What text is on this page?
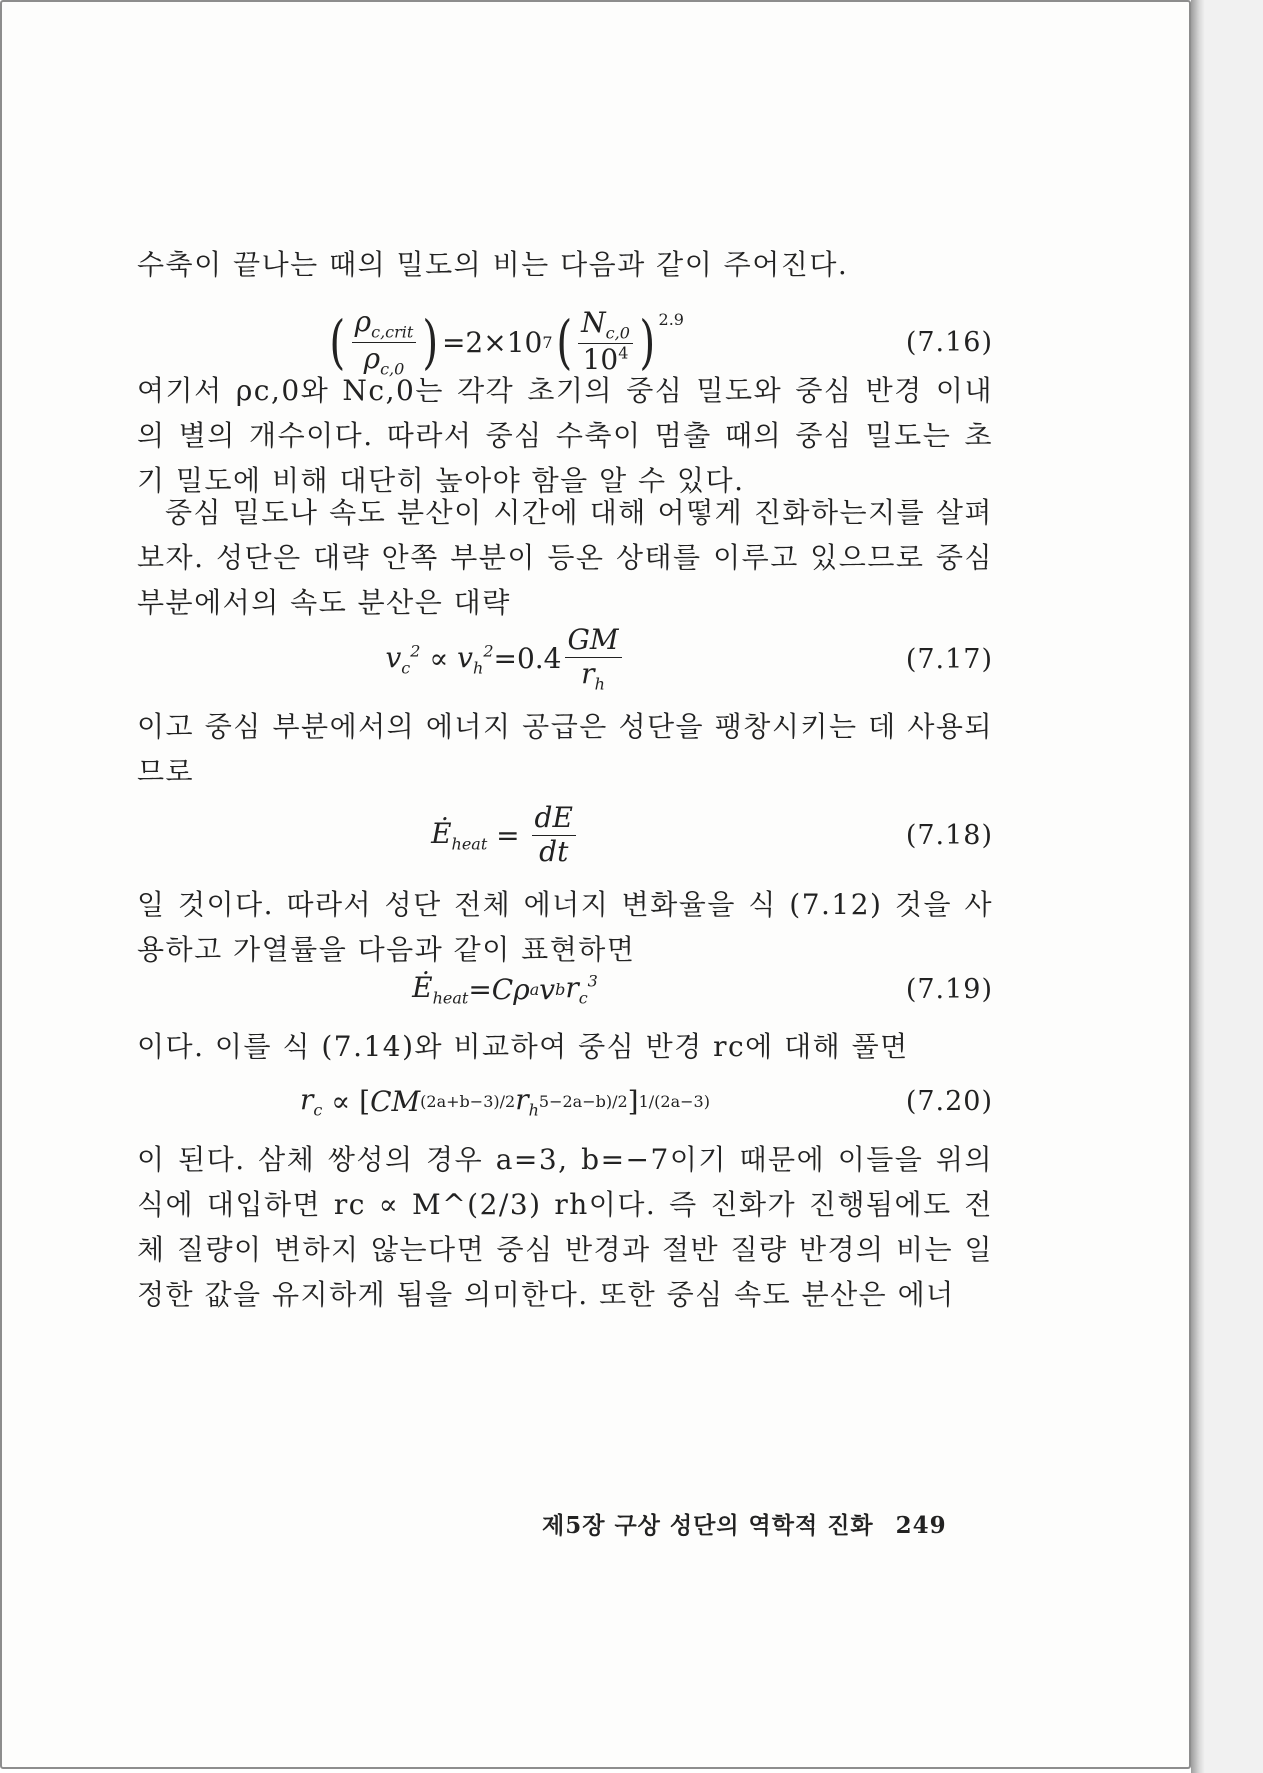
수축이 끝나는 때의 밀도의 비는 다음과 같이 주어진다.
( $\frac{\rho_{c,crit}}{\rho_{c,0}}$ ) =2×10 7 ( $\frac{N_{c,0}}{10^4} )^{2.9}$
(7.16)
여기서 ρc,0와 Nc,0는 각각 초기의 중심 밀도와 중심 반경 이내의 별의 개수이다. 따라서 중심 수축이 멈출 때의 중심 밀도는 초기 밀도에 비해 대단히 높아야 함을 알 수 있다.
중심 밀도나 속도 분산이 시간에 대해 어떻게 진화하는지를 살펴보자. 성단은 대략 안쪽 부분이 등온 상태를 이루고 있으므로 중심 부분에서의 속도 분산은 대략
$v_c^2 \propto v_h^2 =0.4 \frac{GM}{r_h}$	(7.17)
이고 중심 부분에서의 에너지 공급은 성단을 팽창시키는 데 사용되므로
$Ė_{heat} = \frac{dE}{dt}$	(7.18)
일 것이다. 따라서 성단 전체 에너지 변화율을 식 (7.12) 것을 사용하고 가열률을 다음과 같이 표현하면
$Ė_{heat} =C\rho$ a v b $r_c^3$	(7.19)
이다. 이를 식 (7.14)와 비교하여 중심 반경 rc에 대해 풀면
$r_c$ ∝ [ CM (2a+b−3)/2 $r_h$ 5−2a−b)/2 ] 1/(2a−3)	(7.20)
이 된다. 삼체 쌍성의 경우 a=3, b=−7이기 때문에 이들을 위의 식에 대입하면 rc ∝ M^(2/3) rh이다. 즉 진화가 진행됨에도 전체 질량이 변하지 않는다면 중심 반경과 절반 질량 반경의 비는 일정한 값을 유지하게 됨을 의미한다. 또한 중심 속도 분산은 에너
제5장 구상 성단의 역학적 진화 249
